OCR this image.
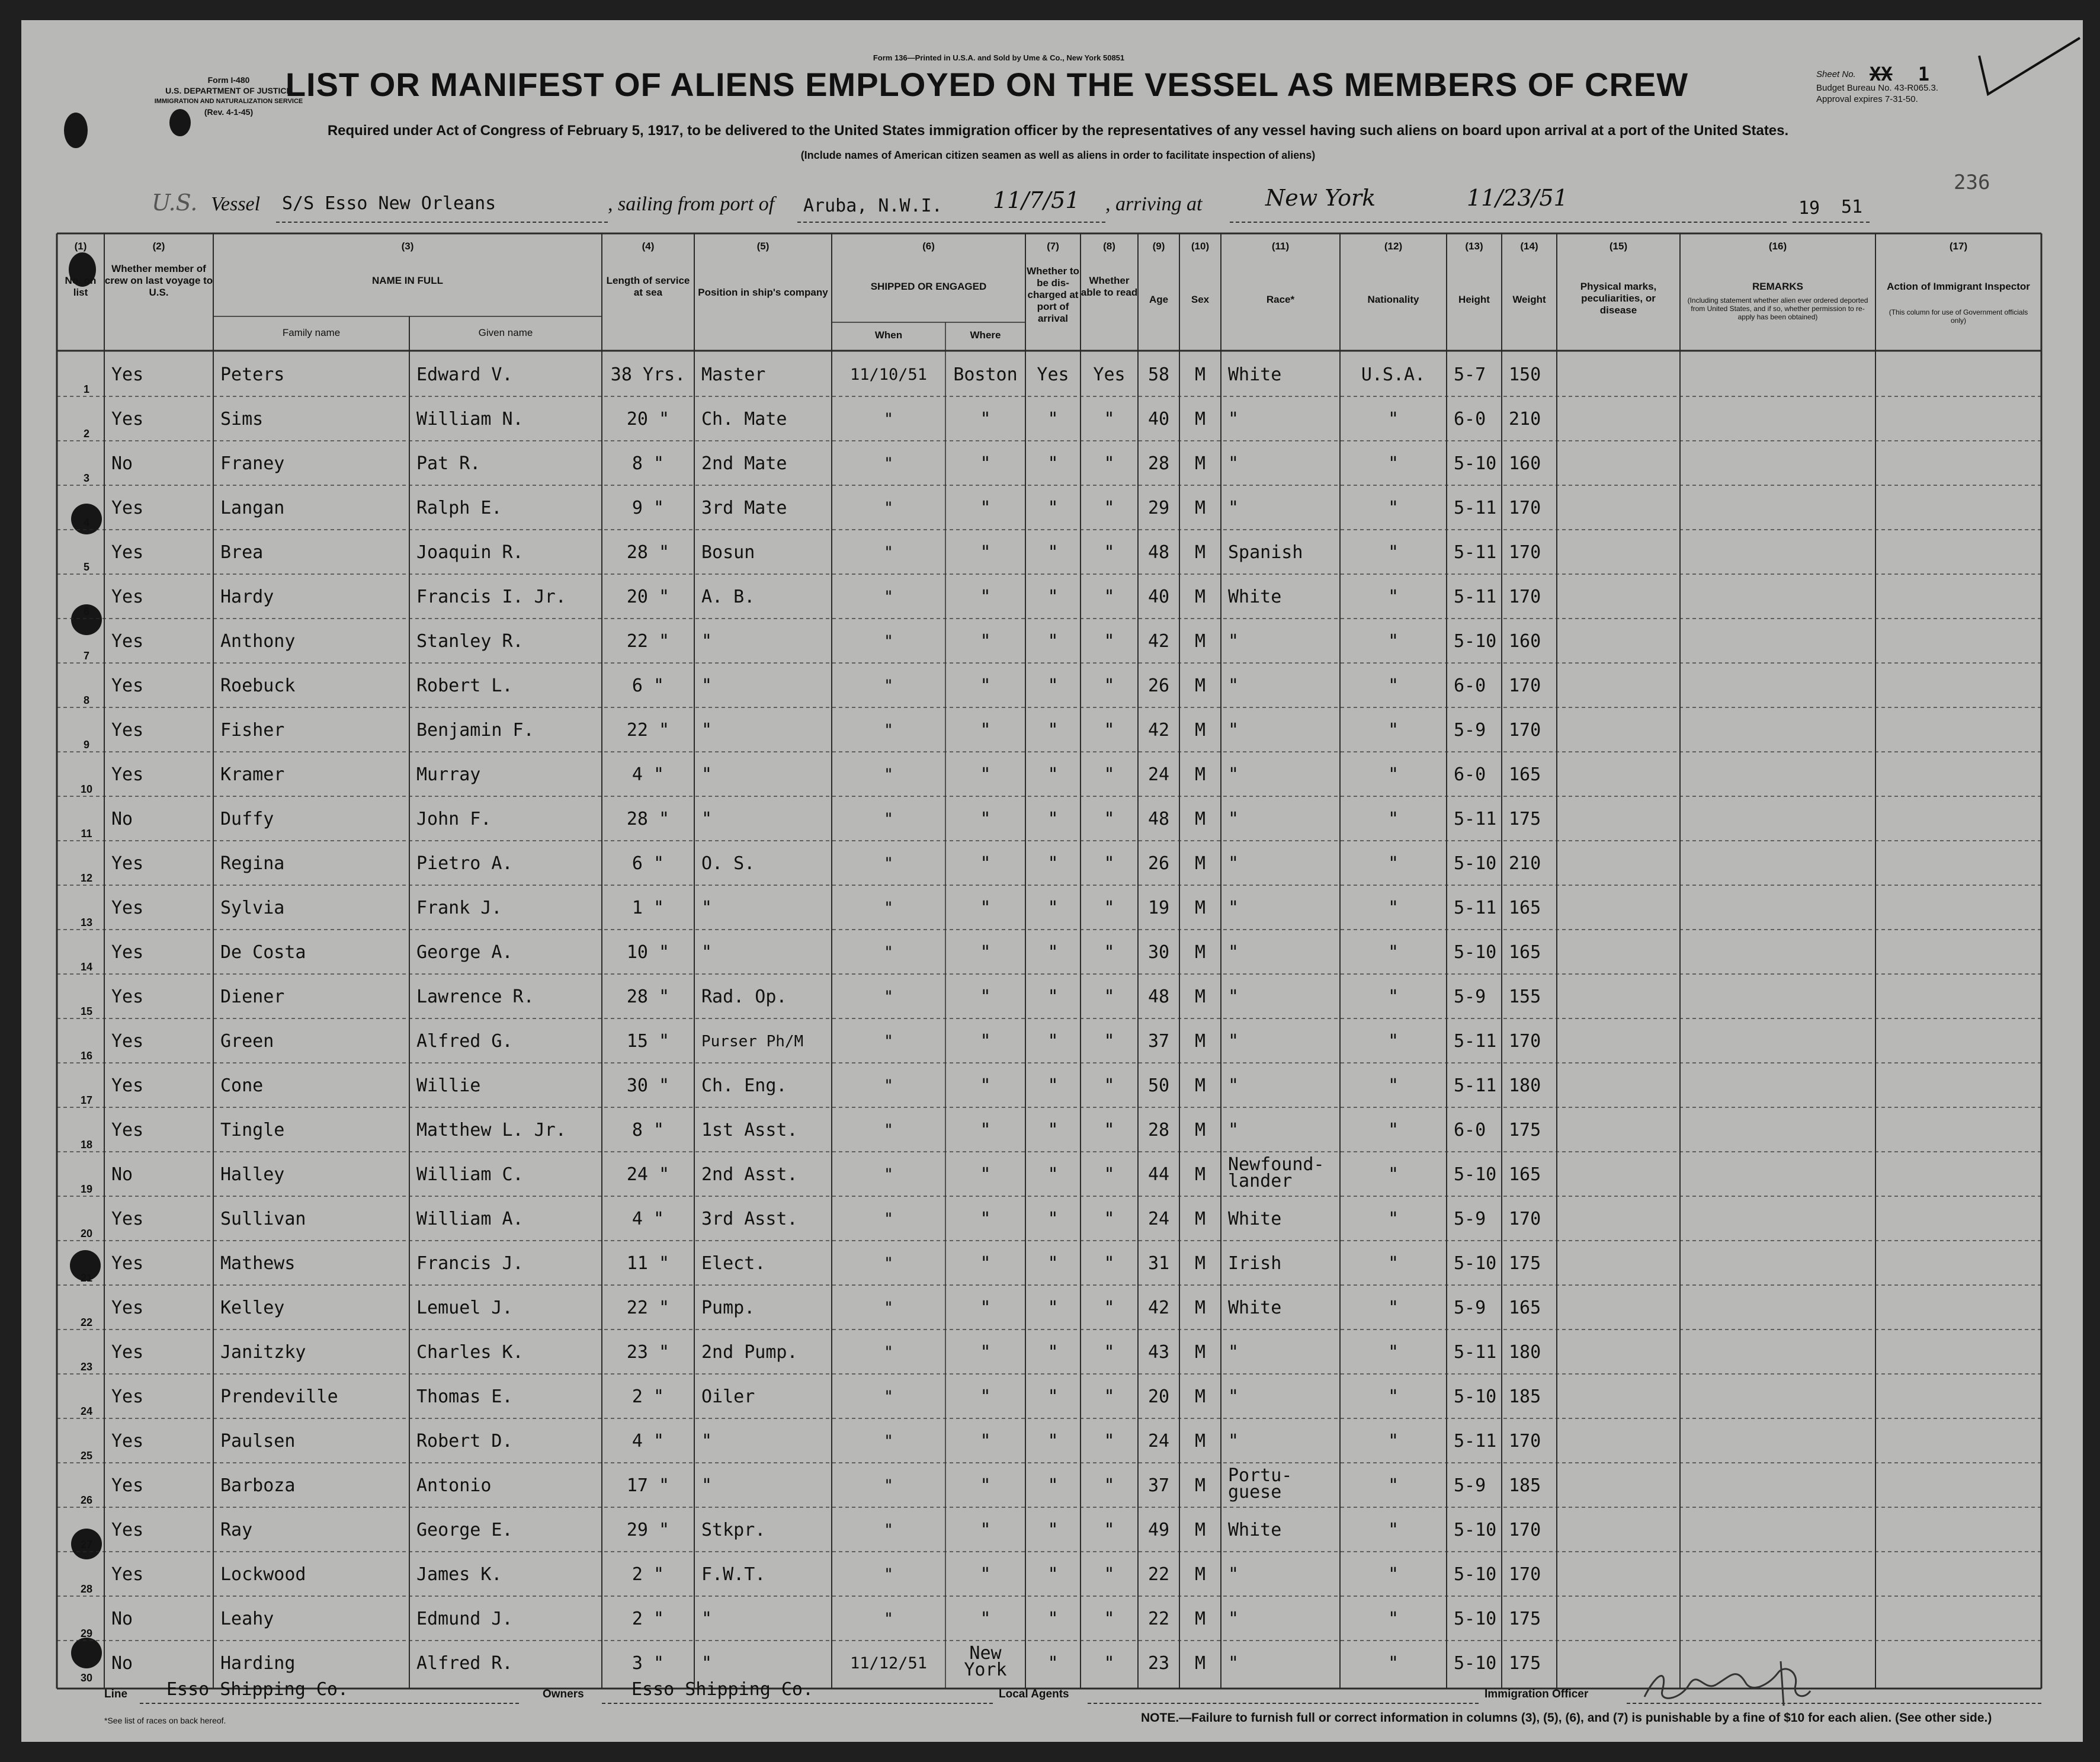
Form I-480
U.S. DEPARTMENT OF JUSTICE
IMMIGRATION AND NATURALIZATION SERVICE
(Rev. 4-1-45)
Form 136—Printed in U.S.A. and Sold by Ume & Co., New York 50851
LIST OR MANIFEST OF ALIENS EMPLOYED ON THE VESSEL AS MEMBERS OF CREW
Required under Act of Congress of February 5, 1917, to be delivered to the United States immigration officer by the representatives of any vessel having such aliens on board upon arrival at a port of the United States.
(Include names of American citizen seamen as well as aliens in order to facilitate inspection of aliens)
Sheet No.
Budget Bureau No. 43-R065.3.
Approval expires 7-31-50.
XX 1
236
U.S. Vessel S/S Esso New Orleans	, sailing from port of Aruba, N.W.I. 11/7/51 , arriving at	New York	11/23/51	19 51
(1)	(2)	(3)	(4)	(5)	(6)	(7)	(8)	(9)	(10)	(11)	(12)	(13)	(14)	(15)	(16)	(17)
No. on list
Whether member of crew on last voyage to U.S.
NAME IN FULL
Family name	Given name
Length of service at sea	Position in ship's company
SHIPPED OR ENGAGED
When	Where
Whether to be dis-charged at port of arrival
Whether able to read
Age	Sex	Race*	Nationality	Height	Weight
Physical marks, peculiarities, or disease
REMARKS
(Including statement whether alien ever ordered deported from United States, and if so, whether permission to re-apply has been obtained)
Action of Immigrant Inspector
(This column for use of Government officials only)
1
Yes	Peters	Edward V.	38 Yrs. Master	11/10/51	Boston Yes	Yes	58	M	White	U.S.A.	5-7	150
2
Yes	Sims	William N.	20 "	Ch. Mate	"	"	"	"	40	M	"	"	6-0	210
3
No	Franey	Pat R.	8 "	2nd Mate	"	"	"	"	28	M	"	"	5-10 160
4
Yes	Langan	Ralph E.	9 "	3rd Mate	"	"	"	"	29	M	"	"	5-11 170
5
Yes	Brea	Joaquin R.	28 "	Bosun	"	"	"	"	48	M	Spanish	"	5-11 170
6
Yes	Hardy	Francis I. Jr.	20 "	A. B.	"	"	"	"	40	M	White	"	5-11 170
7
Yes	Anthony	Stanley R.	22 "	"	"	"	"	"	42	M	"	"	5-10 160
8
Yes	Roebuck	Robert L.	6 "	"	"	"	"	"	26	M	"	"	6-0	170
9
Yes	Fisher	Benjamin F.	22 "	"	"	"	"	"	42	M	"	"	5-9	170
10
Yes	Kramer	Murray	4 "	"	"	"	"	"	24	M	"	"	6-0	165
11
No	Duffy	John F.	28 "	"	"	"	"	"	48	M	"	"	5-11 175
12
Yes	Regina	Pietro A.	6 "	O. S.	"	"	"	"	26	M	"	"	5-10 210
13
Yes	Sylvia	Frank J.	1 "	"	"	"	"	"	19	M	"	"	5-11 165
14
Yes	De Costa	George A.	10 "	"	"	"	"	"	30	M	"	"	5-10 165
15
Yes	Diener	Lawrence R.	28 "	Rad. Op.	"	"	"	"	48	M	"	"	5-9	155
16
Yes	Green	Alfred G.	15 "	Purser Ph/M	"	"	"	"	37	M	"	"	5-11 170
17
Yes	Cone	Willie	30 "	Ch. Eng.	"	"	"	"	50	M	"	"	5-11 180
18
Yes	Tingle	Matthew L. Jr.	8 "	1st Asst.	"	"	"	"	28	M	"	"	6-0	175
19
No	Halley	William C.	24 "	2nd Asst.	"	"	"	"	44	M	Newfound-
lander	"	5-10 165
20
Yes	Sullivan	William A.	4 "	3rd Asst.	"	"	"	"	24	M	White	"	5-9	170
21
Yes	Mathews	Francis J.	11 "	Elect.	"	"	"	"	31	M	Irish	"	5-10 175
22
Yes	Kelley	Lemuel J.	22 "	Pump.	"	"	"	"	42	M	White	"	5-9	165
23
Yes	Janitzky	Charles K.	23 "	2nd Pump.	"	"	"	"	43	M	"	"	5-11 180
24
Yes	Prendeville	Thomas E.	2 "	Oiler	"	"	"	"	20	M	"	"	5-10 185
25
Yes	Paulsen	Robert D.	4 "	"	"	"	"	"	24	M	"	"	5-11 170
26
Yes	Barboza	Antonio	17 "	"	"	"	"	"	37	M	Portu-
guese	"	5-9	185
27
Yes	Ray	George E.	29 "	Stkpr.	"	"	"	"	49	M	White	"	5-10 170
28
Yes	Lockwood	James K.	2 "	F.W.T.	"	"	"	"	22	M	"	"	5-10 170
29
No	Leahy	Edmund J.	2 "	"	"	"	"	"	22	M	"	"	5-10 175
30
No	Harding	Alfred R.	3 "	"	11/12/51	New
York	"	"	23	M	"	"	5-10 175
Line Esso Shipping Co.	Owners	Esso Shipping Co.	Local Agents	Immigration Officer
*See list of races on back hereof.	NOTE.—Failure to furnish full or correct information in columns (3), (5), (6), and (7) is punishable by a fine of $10 for each alien. (See other side.)
